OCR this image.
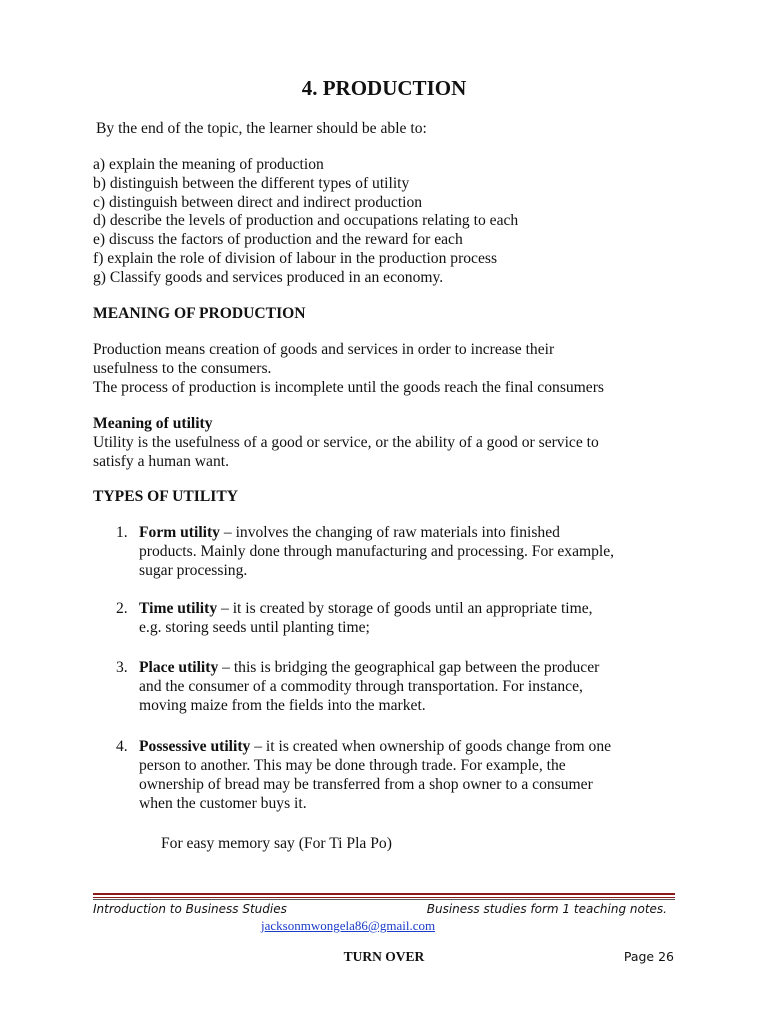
4. PRODUCTION
By the end of the topic, the learner should be able to:
a) explain the meaning of production
b) distinguish between the different types of utility
c) distinguish between direct and indirect production
d) describe the levels of production and occupations relating to each
e) discuss the factors of production and the reward for each
f) explain the role of division of labour in the production process
g) Classify goods and services produced in an economy.
MEANING OF PRODUCTION
Production means creation of goods and services in order to increase their
usefulness to the consumers.
The process of production is incomplete until the goods reach the final consumers
Meaning of utility
Utility is the usefulness of a good or service, or the ability of a good or service to
satisfy a human want.
TYPES OF UTILITY
1. Form utility – involves the changing of raw materials into finished
products. Mainly done through manufacturing and processing. For example,
sugar processing.
2. Time utility – it is created by storage of goods until an appropriate time,
e.g. storing seeds until planting time;
3. Place utility – this is bridging the geographical gap between the producer
and the consumer of a commodity through transportation. For instance,
moving maize from the fields into the market.
4. Possessive utility – it is created when ownership of goods change from one
person to another. This may be done through trade. For example, the
ownership of bread may be transferred from a shop owner to a consumer
when the customer buys it.
For easy memory say (For Ti Pla Po)
Introduction to Business Studies	Business studies form 1 teaching notes.
jacksonmwongela86@gmail.com
TURN OVER	Page 26
